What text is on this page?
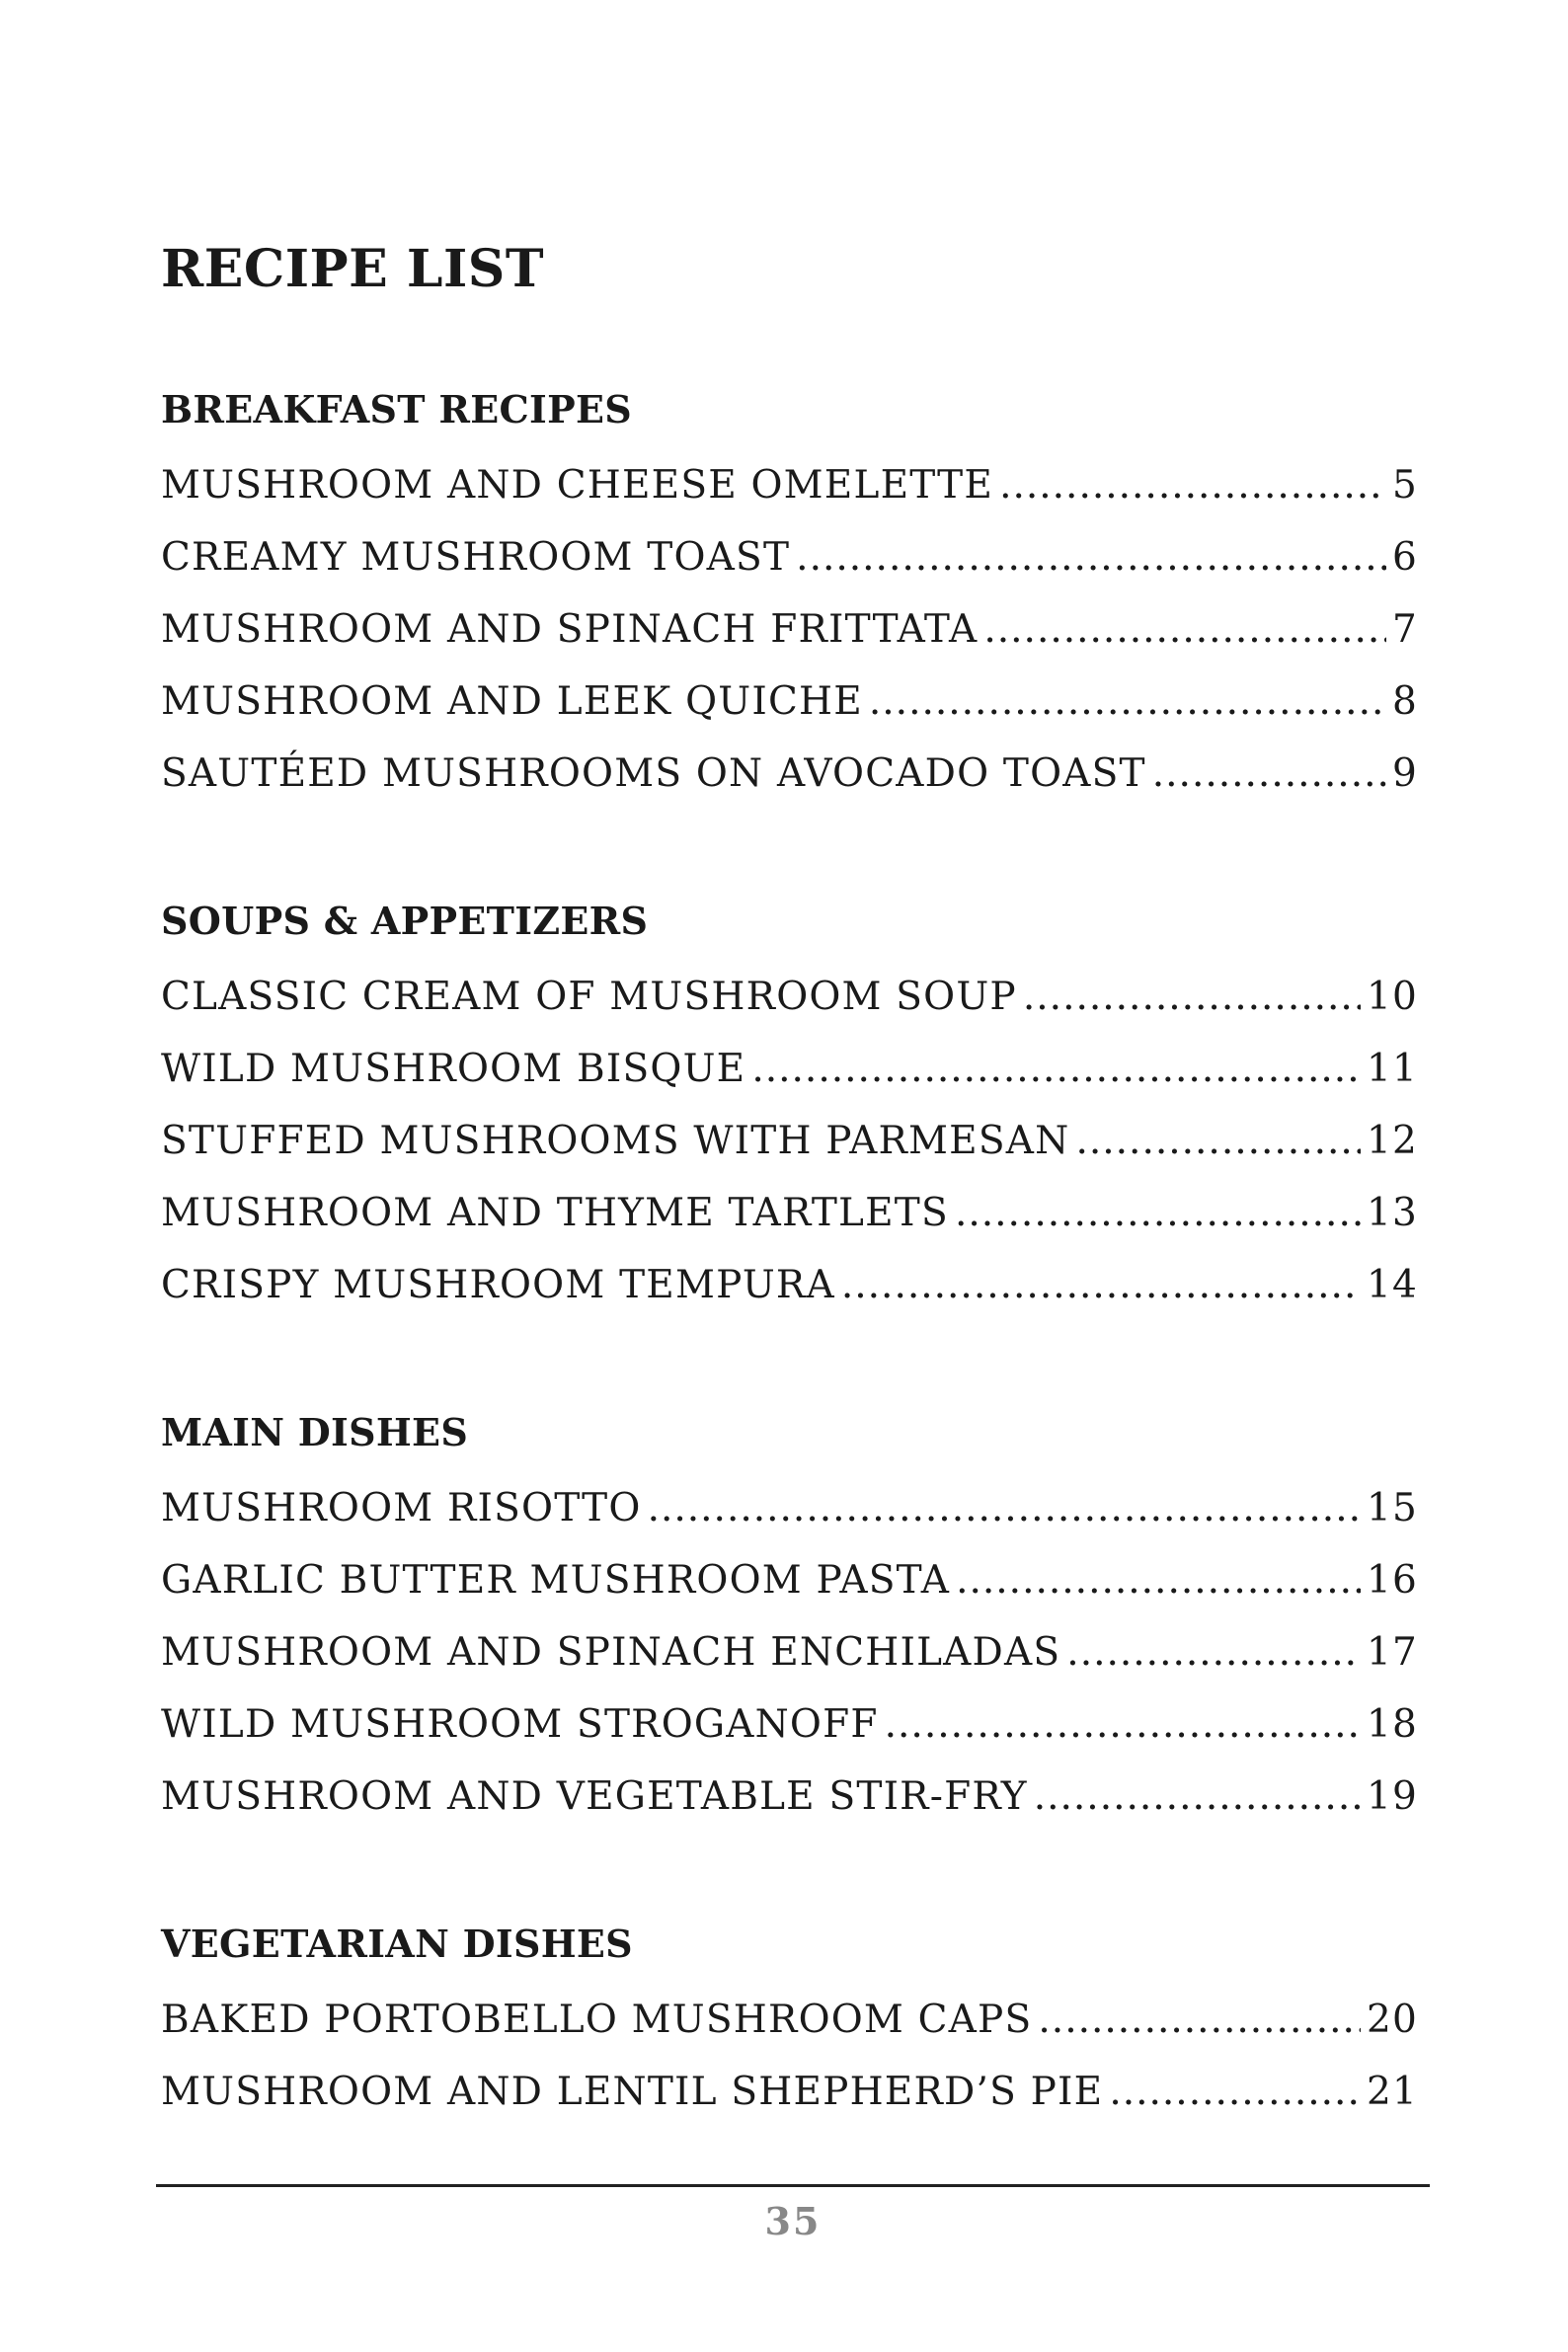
RECIPE LIST
BREAKFAST RECIPES
MUSHROOM AND CHEESE OMELETTE .....	5
CREAMY MUSHROOM TOAST .....	6
MUSHROOM AND SPINACH FRITTATA .....	7
MUSHROOM AND LEEK QUICHE .....	8
SAUTÉED MUSHROOMS ON AVOCADO TOAST .....	9
SOUPS & APPETIZERS
CLASSIC CREAM OF MUSHROOM SOUP .....	10
WILD MUSHROOM BISQUE .....	11
STUFFED MUSHROOMS WITH PARMESAN .....	12
MUSHROOM AND THYME TARTLETS .....	13
CRISPY MUSHROOM TEMPURA .....	14
MAIN DISHES
MUSHROOM RISOTTO .....	15
GARLIC BUTTER MUSHROOM PASTA .....	16
MUSHROOM AND SPINACH ENCHILADAS .....	17
WILD MUSHROOM STROGANOFF .....	18
MUSHROOM AND VEGETABLE STIR-FRY .....	19
VEGETARIAN DISHES
BAKED PORTOBELLO MUSHROOM CAPS .....	20
MUSHROOM AND LENTIL SHEPHERD’S PIE .....	21
35
